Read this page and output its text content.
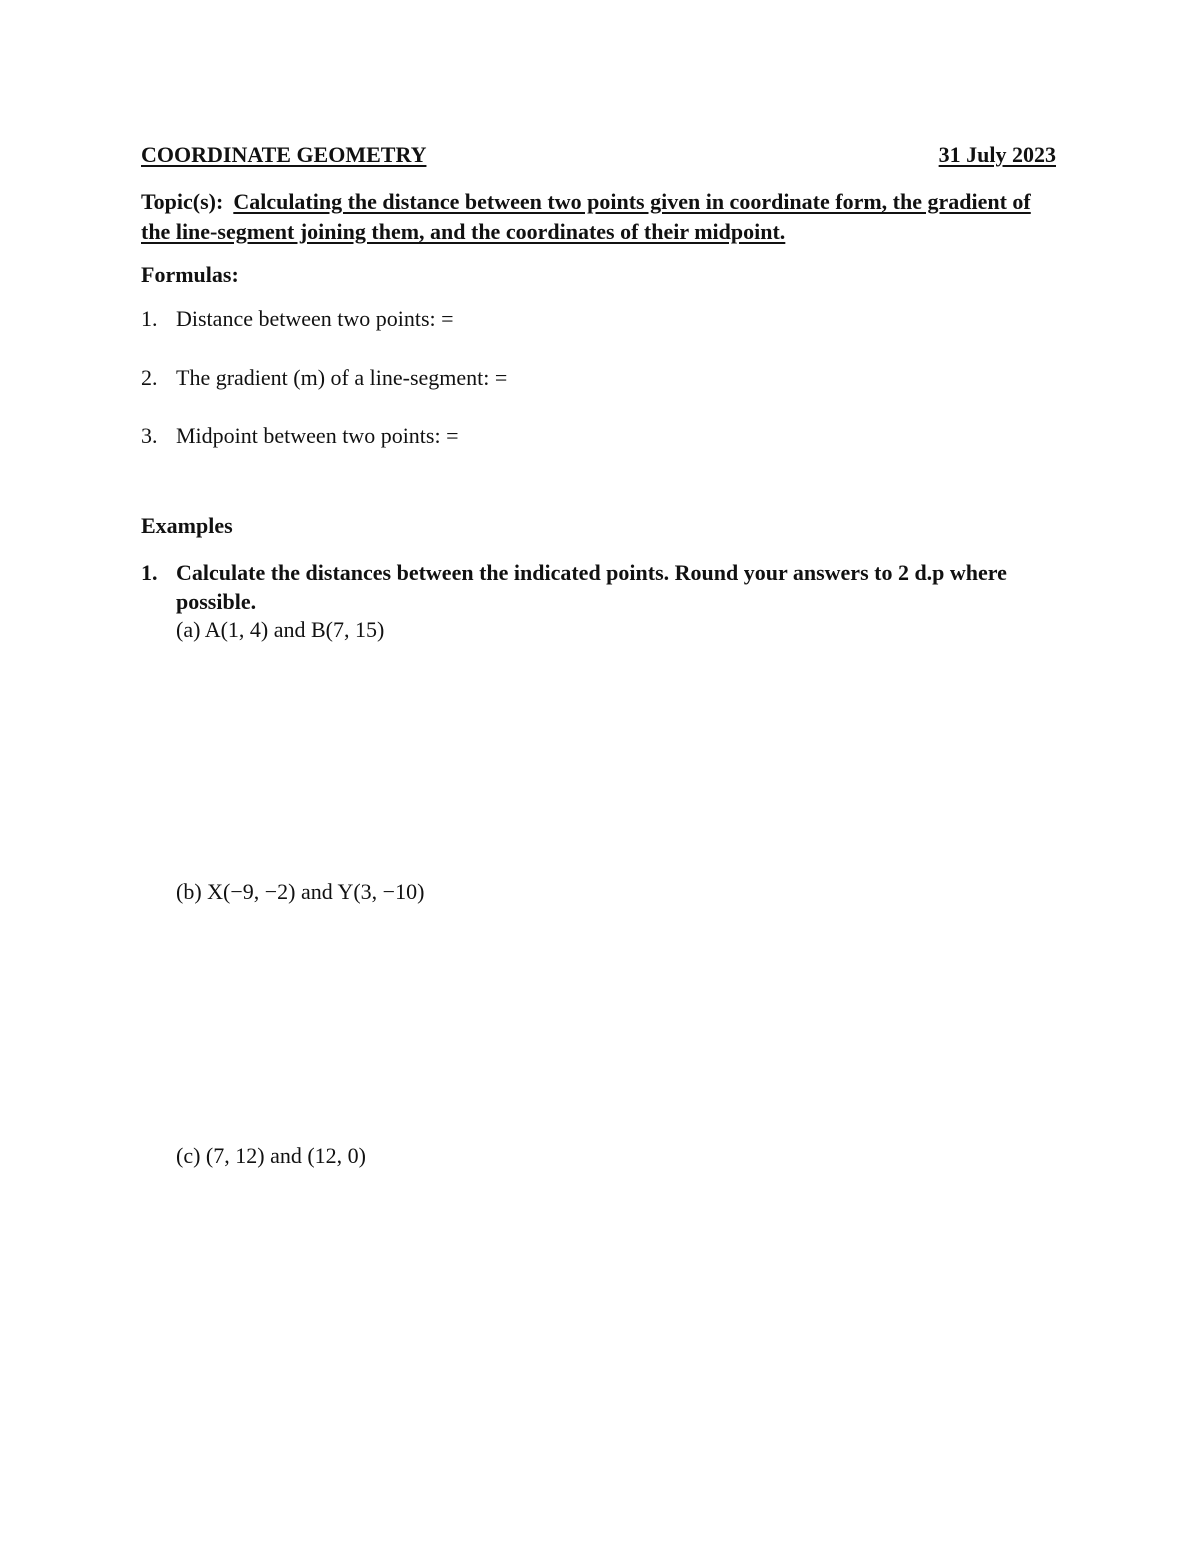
COORDINATE GEOMETRY	31 July 2023
Topic(s): Calculating the distance between two points given in coordinate form, the gradient of the line-segment joining them, and the coordinates of their midpoint.
Formulas:
1. Distance between two points: =
2. The gradient (m) of a line-segment: =
3. Midpoint between two points: =
Examples
1. Calculate the distances between the indicated points. Round your answers to 2 d.p where possible.
(a) A(1, 4) and B(7, 15)
(b) X(−9, −2) and Y(3, −10)
(c) (7, 12) and (12, 0)
